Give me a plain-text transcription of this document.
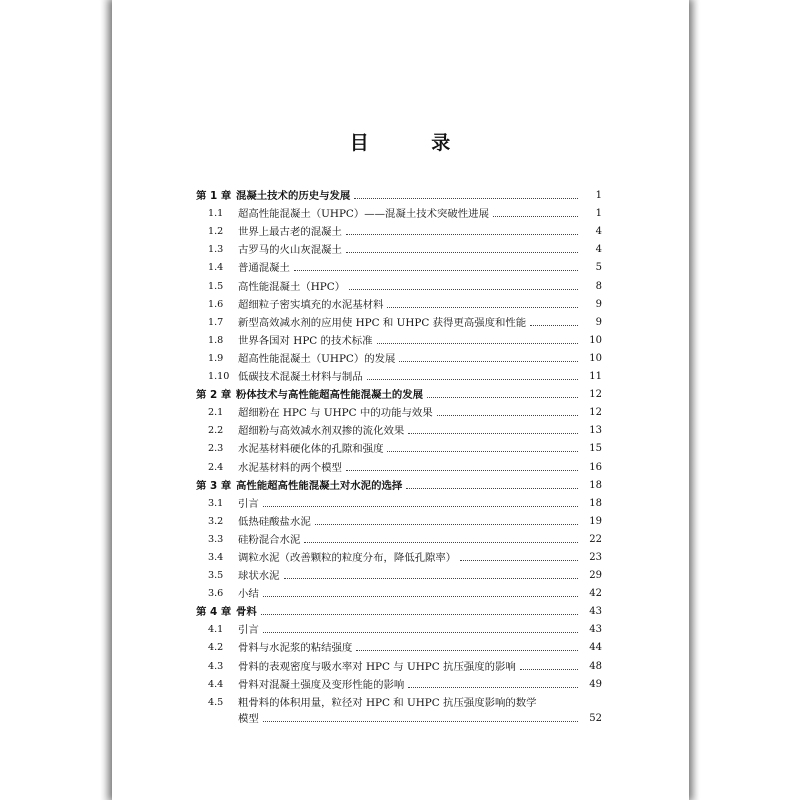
目 录
第 1 章 混凝土技术的历史与发展	1
1.1	超高性能混凝土（UHPC）——混凝土技术突破性进展	1
1.2	世界上最古老的混凝土	4
1.3	古罗马的火山灰混凝土	4
1.4	普通混凝土	5
1.5	高性能混凝土（HPC）	8
1.6	超细粒子密实填充的水泥基材料	9
1.7	新型高效减水剂的应用使 HPC 和 UHPC 获得更高强度和性能	9
1.8	世界各国对 HPC 的技术标准	10
1.9	超高性能混凝土（UHPC）的发展	10
1.10 低碳技术混凝土材料与制品	11
第 2 章 粉体技术与高性能超高性能混凝土的发展	12
2.1	超细粉在 HPC 与 UHPC 中的功能与效果	12
2.2	超细粉与高效减水剂双掺的流化效果	13
2.3	水泥基材料硬化体的孔隙和强度	15
2.4	水泥基材料的两个模型	16
第 3 章 高性能超高性能混凝土对水泥的选择	18
3.1	引言	18
3.2	低热硅酸盐水泥	19
3.3	硅粉混合水泥	22
3.4	调粒水泥（改善颗粒的粒度分布，降低孔隙率）	23
3.5	球状水泥	29
3.6	小结	42
第 4 章 骨料	43
4.1	引言	43
4.2	骨料与水泥浆的粘结强度	44
4.3	骨料的表观密度与吸水率对 HPC 与 UHPC 抗压强度的影响	48
4.4	骨料对混凝土强度及变形性能的影响	49
4.5	粗骨料的体积用量，粒径对 HPC 和 UHPC 抗压强度影响的数学
模型	52
